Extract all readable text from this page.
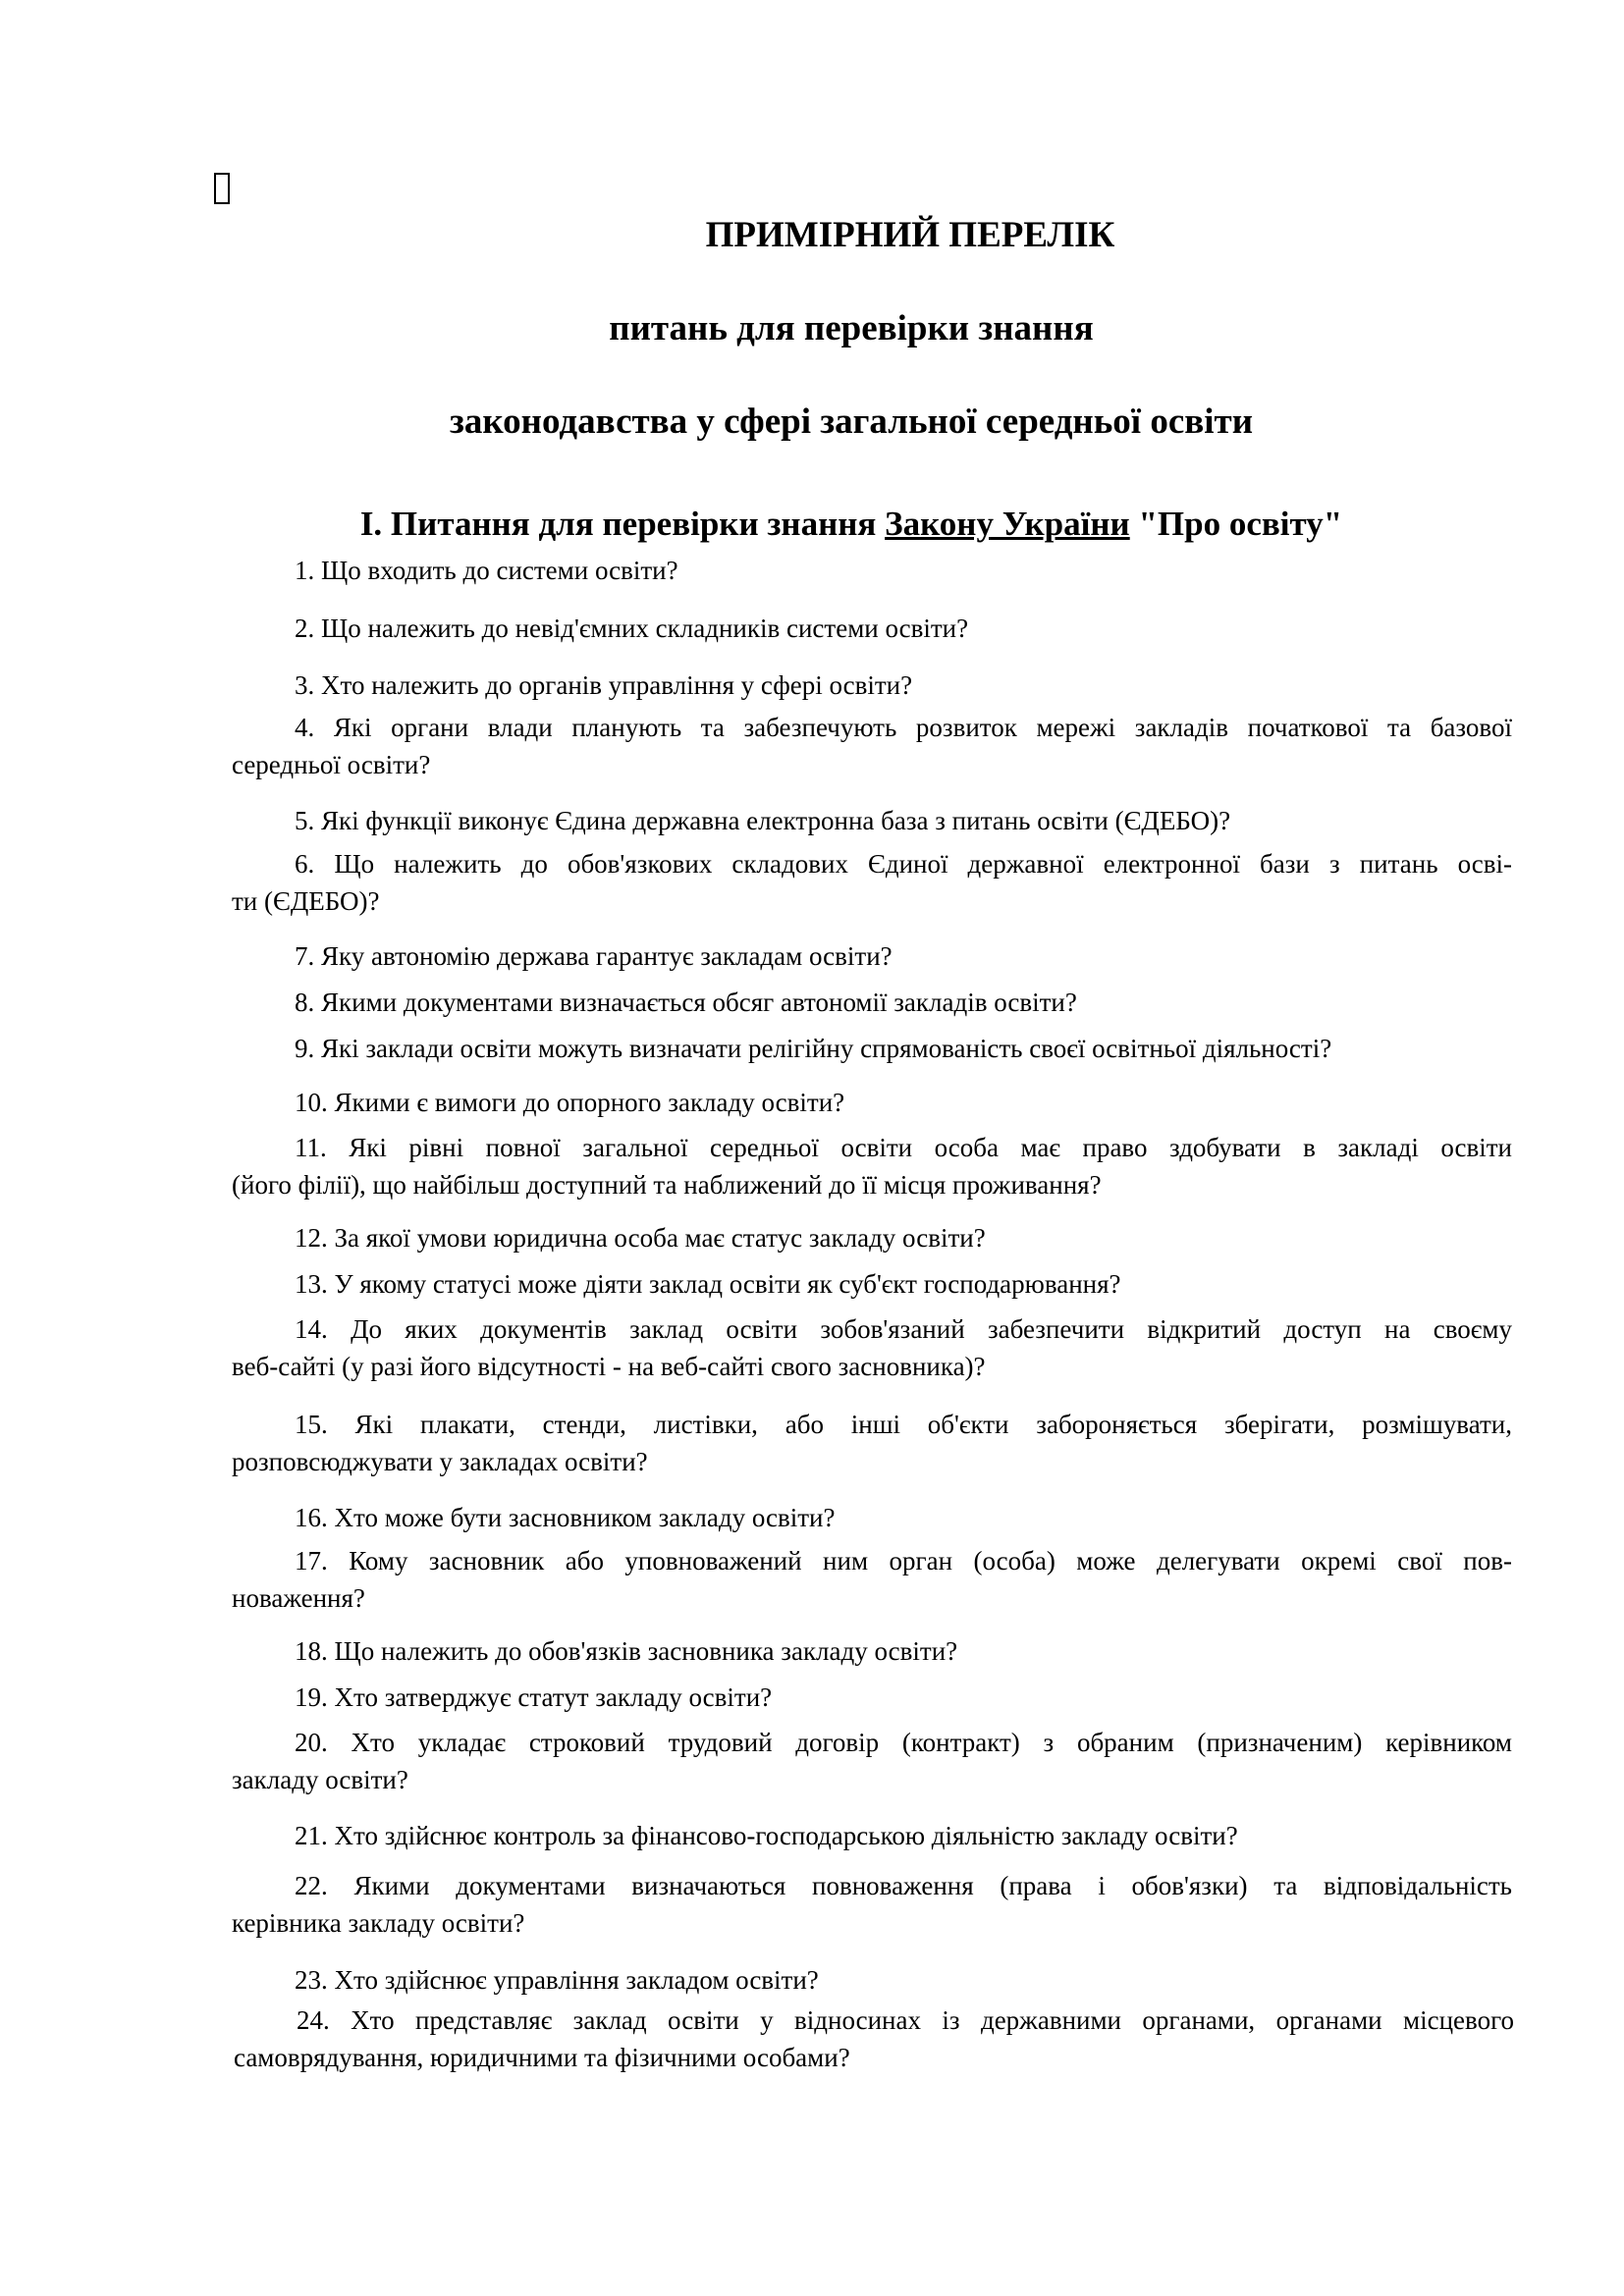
ПРИМІРНИЙ ПЕРЕЛІК
питань для перевірки знання
законодавства у сфері загальної середньої освіти
I. Питання для перевірки знання Закону України "Про освіту"
1. Що входить до системи освіти?
2. Що належить до невід'ємних складників системи освіти?
3. Хто належить до органів управління у сфері освіти?
4. Які органи влади планують та забезпечують розвиток мережі закладів початкової та базової
середньої освіти?
5. Які функції виконує Єдина державна електронна база з питань освіти (ЄДЕБО)?
6. Що належить до обов'язкових складових Єдиної державної електронної бази з питань осві-
ти (ЄДЕБО)?
7. Яку автономію держава гарантує закладам освіти?
8. Якими документами визначається обсяг автономії закладів освіти?
9. Які заклади освіти можуть визначати релігійну спрямованість своєї освітньої діяльності?
10. Якими є вимоги до опорного закладу освіти?
11. Які рівні повної загальної середньої освіти особа має право здобувати в закладі освіти
(його філії), що найбільш доступний та наближений до її місця проживання?
12. За якої умови юридична особа має статус закладу освіти?
13. У якому статусі може діяти заклад освіти як суб'єкт господарювання?
14. До яких документів заклад освіти зобов'язаний забезпечити відкритий доступ на своєму
веб-сайті (у разі його відсутності - на веб-сайті свого засновника)?
15. Які плакати, стенди, листівки, або інші об'єкти забороняється зберігати, розмішувати,
розповсюджувати у закладах освіти?
16. Хто може бути засновником закладу освіти?
17. Кому засновник або уповноважений ним орган (особа) може делегувати окремі свої пов-
новаження?
18. Що належить до обов'язків засновника закладу освіти?
19. Хто затверджує статут закладу освіти?
20. Хто укладає строковий трудовий договір (контракт) з обраним (призначеним) керівником
закладу освіти?
21. Хто здійснює контроль за фінансово-господарською діяльністю закладу освіти?
22. Якими документами визначаються повноваження (права і обов'язки) та відповідальність
керівника закладу освіти?
23. Хто здійснює управління закладом освіти?
24. Хто представляє заклад освіти у відносинах із державними органами, органами місцевого
самоврядування, юридичними та фізичними особами?
